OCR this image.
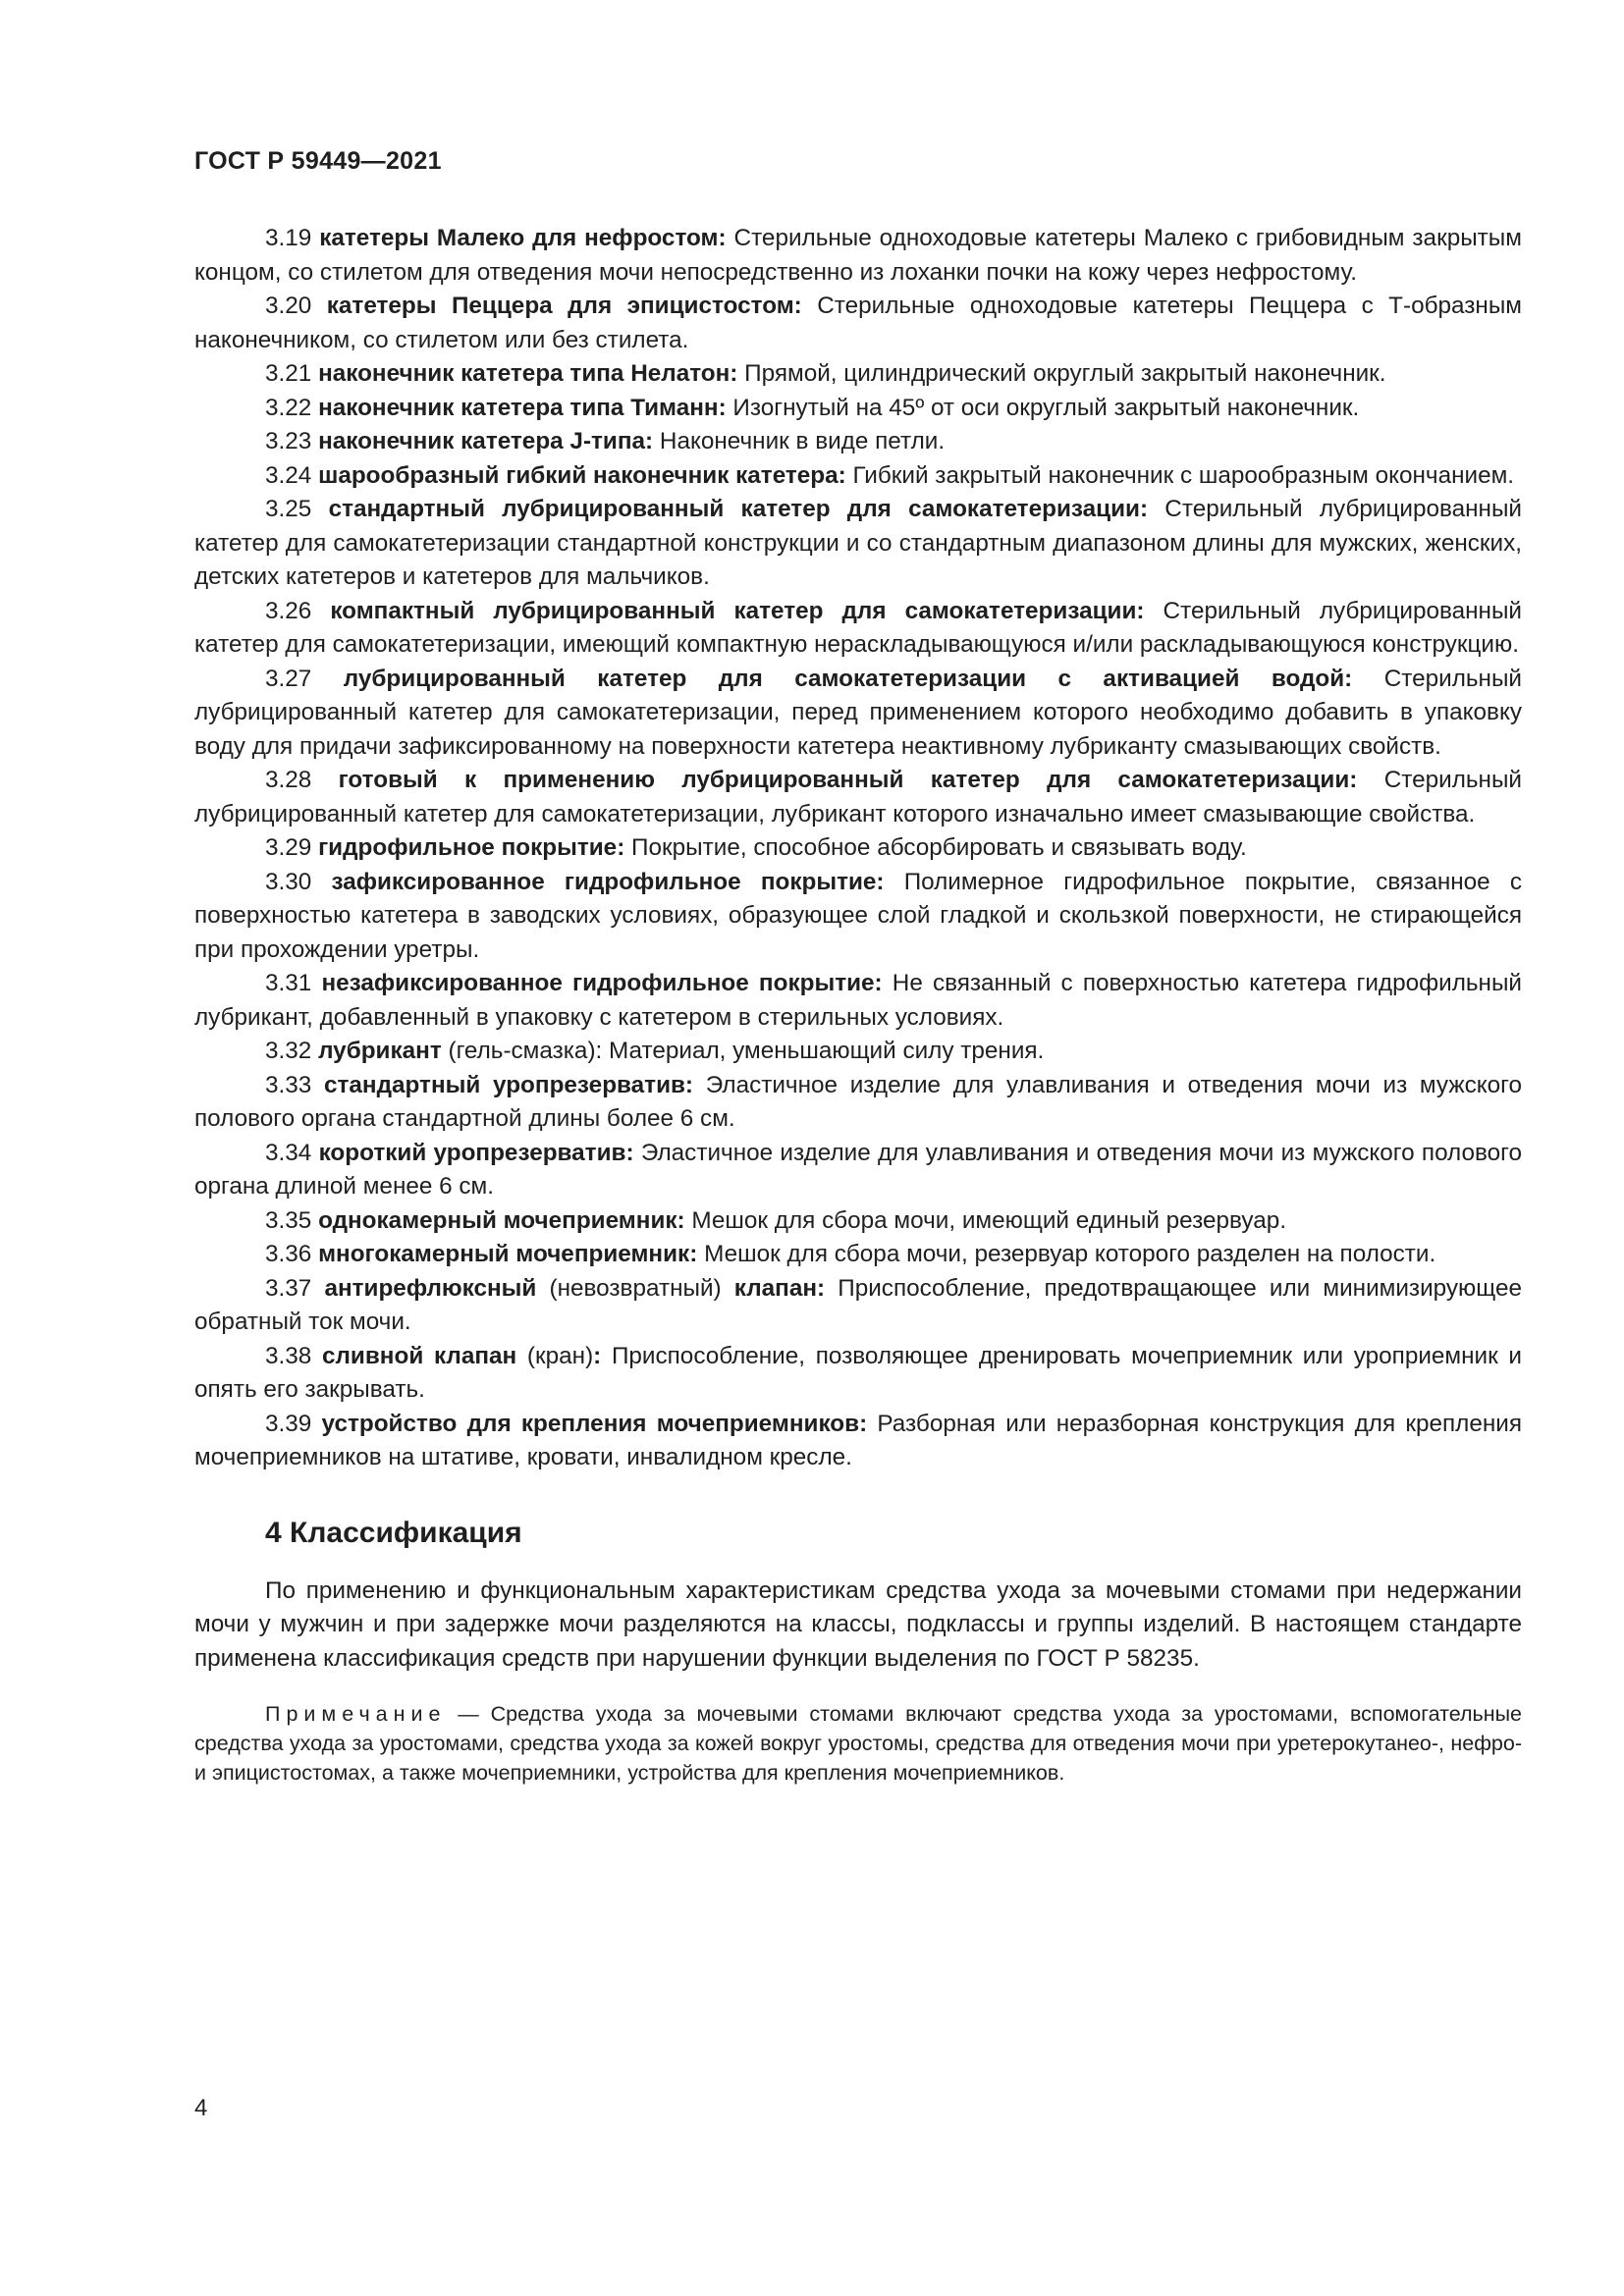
ГОСТ Р 59449—2021

3.19 катетеры Малеко для нефростом: Стерильные одноходовые катетеры Малеко с грибовидным закрытым концом, со стилетом для отведения мочи непосредственно из лоханки почки на кожу через нефростому.

3.20 катетеры Пеццера для эпицистостом: Стерильные одноходовые катетеры Пеццера с Т-образным наконечником, со стилетом или без стилета.

3.21 наконечник катетера типа Нелатон: Прямой, цилиндрический округлый закрытый наконечник.

3.22 наконечник катетера типа Тиманн: Изогнутый на 45º от оси округлый закрытый наконечник.

3.23 наконечник катетера J-типа: Наконечник в виде петли.

3.24 шарообразный гибкий наконечник катетера: Гибкий закрытый наконечник с шарообразным окончанием.

3.25 стандартный лубрицированный катетер для самокатетеризации: Стерильный лубрицированный катетер для самокатетеризации стандартной конструкции и со стандартным диапазоном длины для мужских, женских, детских катетеров и катетеров для мальчиков.

3.26 компактный лубрицированный катетер для самокатетеризации: Стерильный лубрицированный катетер для самокатетеризации, имеющий компактную нераскладывающуюся и/или раскладывающуюся конструкцию.

3.27 лубрицированный катетер для самокатетеризации с активацией водой: Стерильный лубрицированный катетер для самокатетеризации, перед применением которого необходимо добавить в упаковку воду для придачи зафиксированному на поверхности катетера неактивному лубриканту смазывающих свойств.

3.28 готовый к применению лубрицированный катетер для самокатетеризации: Стерильный лубрицированный катетер для самокатетеризации, лубрикант которого изначально имеет смазывающие свойства.

3.29 гидрофильное покрытие: Покрытие, способное абсорбировать и связывать воду.

3.30 зафиксированное гидрофильное покрытие: Полимерное гидрофильное покрытие, связанное с поверхностью катетера в заводских условиях, образующее слой гладкой и скользкой поверхности, не стирающейся при прохождении уретры.

3.31 незафиксированное гидрофильное покрытие: Не связанный с поверхностью катетера гидрофильный лубрикант, добавленный в упаковку с катетером в стерильных условиях.

3.32 лубрикант (гель-смазка): Материал, уменьшающий силу трения.

3.33 стандартный уропрезерватив: Эластичное изделие для улавливания и отведения мочи из мужского полового органа стандартной длины более 6 см.

3.34 короткий уропрезерватив: Эластичное изделие для улавливания и отведения мочи из мужского полового органа длиной менее 6 см.

3.35 однокамерный мочеприемник: Мешок для сбора мочи, имеющий единый резервуар.

3.36 многокамерный мочеприемник: Мешок для сбора мочи, резервуар которого разделен на полости.

3.37 антирефлюксный (невозвратный) клапан: Приспособление, предотвращающее или минимизирующее обратный ток мочи.

3.38 сливной клапан (кран): Приспособление, позволяющее дренировать мочеприемник или уроприемник и опять его закрывать.

3.39 устройство для крепления мочеприемников: Разборная или неразборная конструкция для крепления мочеприемников на штативе, кровати, инвалидном кресле.

4 Классификация

По применению и функциональным характеристикам средства ухода за мочевыми стомами при недержании мочи у мужчин и при задержке мочи разделяются на классы, подклассы и группы изделий. В настоящем стандарте применена классификация средств при нарушении функции выделения по ГОСТ Р 58235.

Примечание — Средства ухода за мочевыми стомами включают средства ухода за уростомами, вспомогательные средства ухода за уростомами, средства ухода за кожей вокруг уростомы, средства для отведения мочи при уретерокутанео-, нефро- и эпицистостомах, а также мочеприемники, устройства для крепления мочеприемников.

4
